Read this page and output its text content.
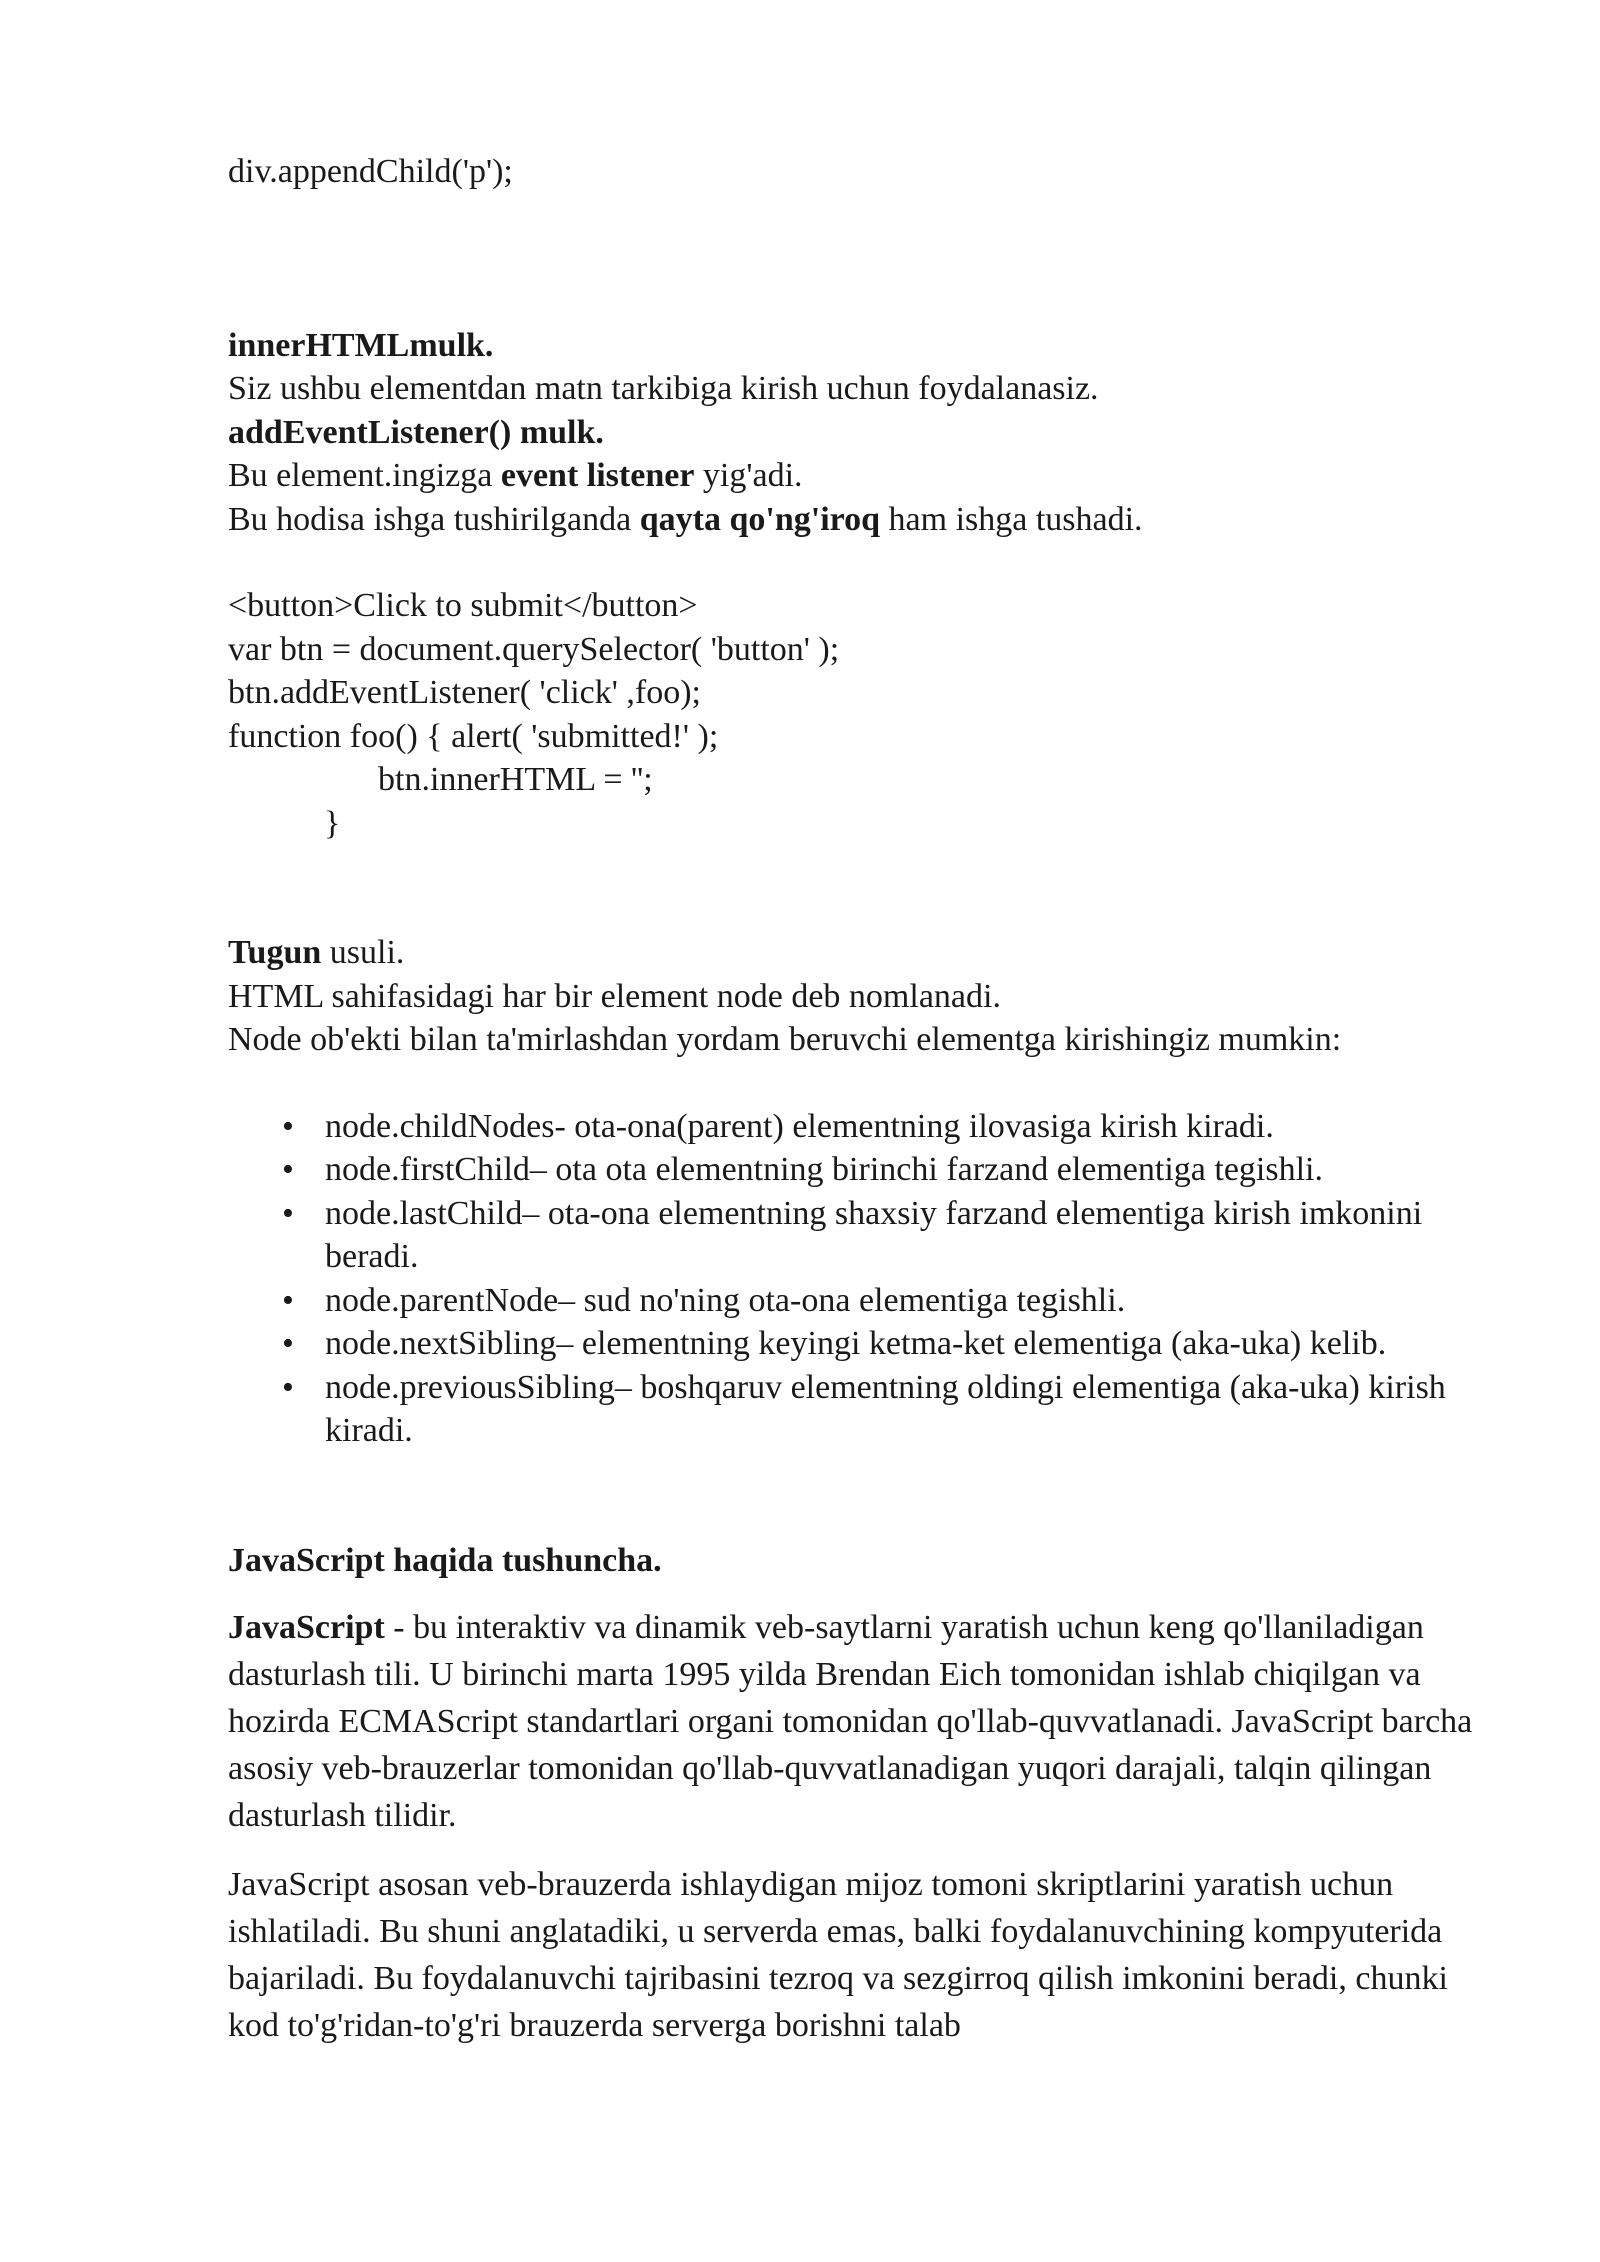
div.appendChild('p');
innerHTMLmulk.
Siz ushbu elementdan matn tarkibiga kirish uchun foydalanasiz.
addEventListener() mulk.
Bu element.ingizga event listener yig'adi.
Bu hodisa ishga tushirilganda qayta qo'ng'iroq ham ishga tushadi.
<button>Click to submit</button>
var btn = document.querySelector( 'button' );
btn.addEventListener( 'click' ,foo);
function foo() { alert( 'submitted!' );
btn.innerHTML = '';
}
Tugun usuli.
HTML sahifasidagi har bir element node deb nomlanadi.
Node ob'ekti bilan ta'mirlashdan yordam beruvchi elementga kirishingiz mumkin:
• node.childNodes- ota-ona(parent) elementning ilovasiga kirish kiradi.
• node.firstChild– ota ota elementning birinchi farzand elementiga tegishli.
• node.lastChild– ota-ona elementning shaxsiy farzand elementiga kirish imkonini beradi.
• node.parentNode– sud no'ning ota-ona elementiga tegishli.
• node.nextSibling– elementning keyingi ketma-ket elementiga (aka-uka) kelib.
• node.previousSibling– boshqaruv elementning oldingi elementiga (aka-uka) kirish kiradi.
JavaScript haqida tushuncha.

JavaScript - bu interaktiv va dinamik veb-saytlarni yaratish uchun keng qo'llaniladigan dasturlash tili. U birinchi marta 1995 yilda Brendan Eich tomonidan ishlab chiqilgan va hozirda ECMAScript standartlari organi tomonidan qo'llab-quvvatlanadi. JavaScript barcha asosiy veb-brauzerlar tomonidan qo'llab-quvvatlanadigan yuqori darajali, talqin qilingan dasturlash tilidir.

JavaScript asosan veb-brauzerda ishlaydigan mijoz tomoni skriptlarini yaratish uchun ishlatiladi. Bu shuni anglatadiki, u serverda emas, balki foydalanuvchining kompyuterida bajariladi. Bu foydalanuvchi tajribasini tezroq va sezgirroq qilish imkonini beradi, chunki kod to'g'ridan-to'g'ri brauzerda serverga borishni talab
